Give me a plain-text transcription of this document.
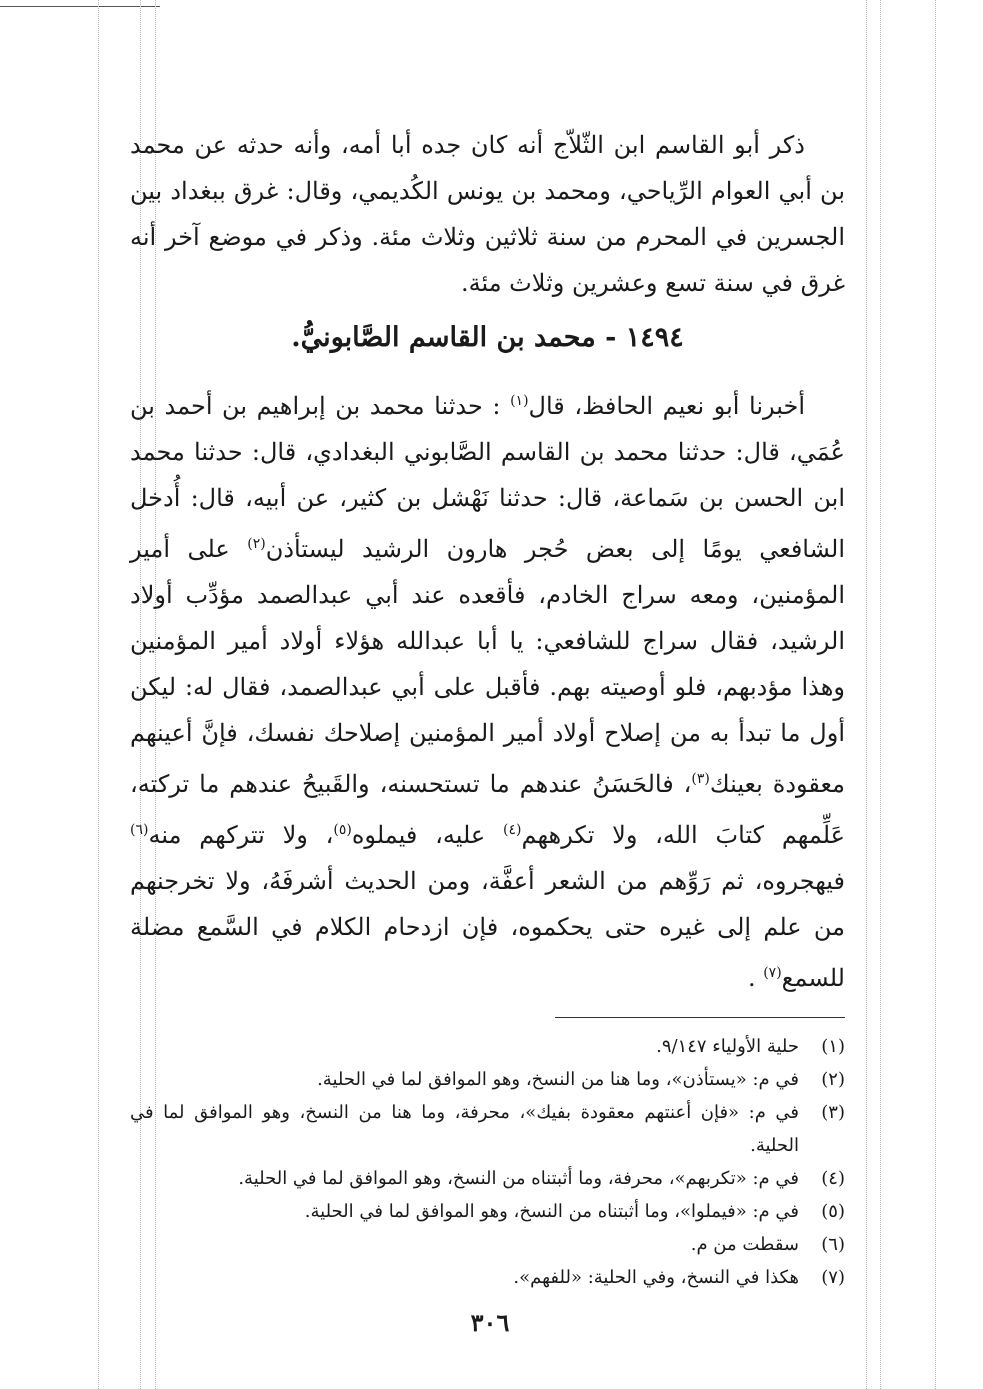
ذكر أبو القاسم ابن الثّلاّج أنه كان جده أبا أمه، وأنه حدثه عن محمد بن أبي العوام الرِّياحي، ومحمد بن يونس الكُديمي، وقال: غرق ببغداد بين الجسرين في المحرم من سنة ثلاثين وثلاث مئة. وذكر في موضع آخر أنه غرق في سنة تسع وعشرين وثلاث مئة.

١٤٩٤ - محمد بن القاسم الصَّابونيُّ.

أخبرنا أبو نعيم الحافظ، قال$^{(١)}$ : حدثنا محمد بن إبراهيم بن أحمد بن عُمَي، قال: حدثنا محمد بن القاسم الصَّابوني البغدادي، قال: حدثنا محمد ابن الحسن بن سَماعة، قال: حدثنا نَهْشل بن كثير، عن أبيه، قال: أُدخل الشافعي يومًا إلى بعض حُجر هارون الرشيد ليستأذن$^{(٢)}$ على أمير المؤمنين، ومعه سراج الخادم، فأقعده عند أبي عبدالصمد مؤدِّب أولاد الرشيد، فقال سراج للشافعي: يا أبا عبدالله هؤلاء أولاد أمير المؤمنين وهذا مؤدبهم، فلو أوصيته بهم. فأقبل على أبي عبدالصمد، فقال له: ليكن أول ما تبدأ به من إصلاح أولاد أمير المؤمنين إصلاحك نفسك، فإنَّ أعينهم معقودة بعينك$^{(٣)}$، فالحَسَنُ عندهم ما تستحسنه، والقَبيحُ عندهم ما تركته، عَلِّمهم كتابَ الله، ولا تكرههم$^{(٤)}$ عليه، فيملوه$^{(٥)}$، ولا تتركهم منه$^{(٦)}$ فيهجروه، ثم رَوِّهم من الشعر أعفَّة، ومن الحديث أشرفَهُ، ولا تخرجنهم من علم إلى غيره حتى يحكموه، فإن ازدحام الكلام في السَّمع مضلة للسمع$^{(٧)}$ .

(١)
حلية الأولياء ٩/١٤٧.
(٢)
في م: «يستأذن»، وما هنا من النسخ، وهو الموافق لما في الحلية.
(٣)
في م: «فإن أعنتهم معقودة بفيك»، محرفة، وما هنا من النسخ، وهو الموافق لما في الحلية.
(٤)
في م: «تكربهم»، محرفة، وما أثبتناه من النسخ، وهو الموافق لما في الحلية.
(٥)
في م: «فيملوا»، وما أثبتناه من النسخ، وهو الموافق لما في الحلية.
(٦)
سقطت من م.
(٧)
هكذا في النسخ، وفي الحلية: «للفهم».
٣٠٦
